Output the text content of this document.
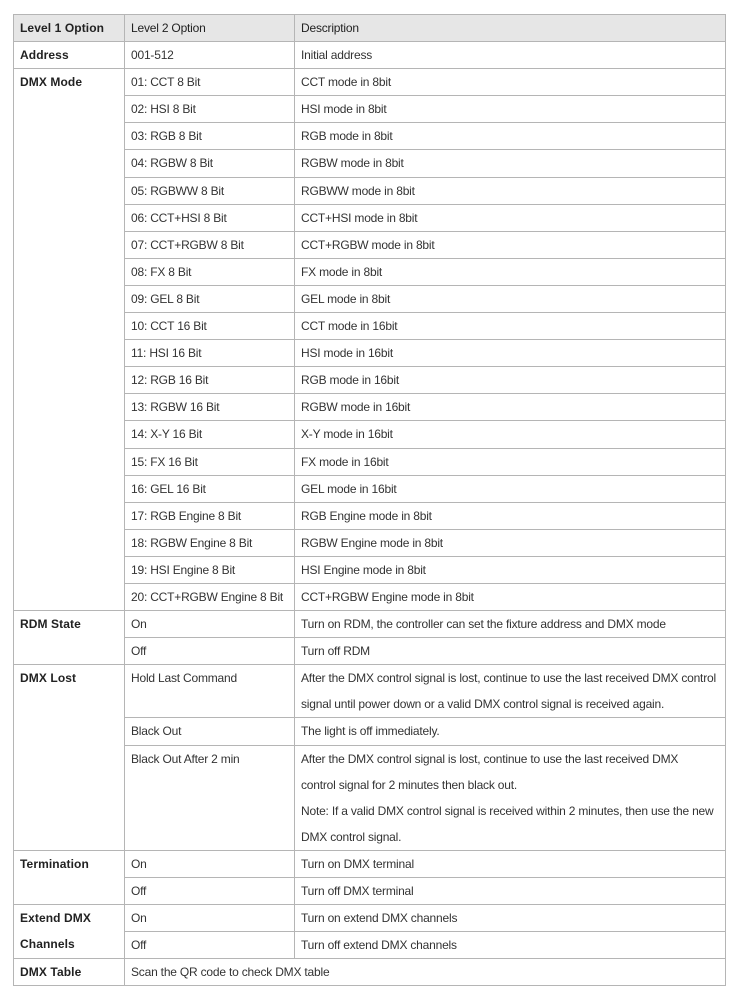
Level 1 Option	Level 2 Option	Description
Address	001-512	Initial address
DMX Mode	01: CCT 8 Bit	CCT mode in 8bit
	02: HSI 8 Bit	HSI mode in 8bit
	03: RGB 8 Bit	RGB mode in 8bit
	04: RGBW 8 Bit	RGBW mode in 8bit
	05: RGBWW 8 Bit	RGBWW mode in 8bit
	06: CCT+HSI 8 Bit	CCT+HSI mode in 8bit
	07: CCT+RGBW 8 Bit	CCT+RGBW mode in 8bit
	08: FX 8 Bit	FX mode in 8bit
	09: GEL 8 Bit	GEL mode in 8bit
	10: CCT 16 Bit	CCT mode in 16bit
	11: HSI 16 Bit	HSI mode in 16bit
	12: RGB 16 Bit	RGB mode in 16bit
	13: RGBW 16 Bit	RGBW mode in 16bit
	14: X-Y 16 Bit	X-Y mode in 16bit
	15: FX 16 Bit	FX mode in 16bit
	16: GEL 16 Bit	GEL mode in 16bit
	17: RGB Engine 8 Bit	RGB Engine mode in 8bit
	18: RGBW Engine 8 Bit	RGBW Engine mode in 8bit
	19: HSI Engine 8 Bit	HSI Engine mode in 8bit
	20: CCT+RGBW Engine 8 Bit	CCT+RGBW Engine mode in 8bit
RDM State	On	Turn on RDM, the controller can set the fixture address and DMX mode
	Off	Turn off RDM
DMX Lost	Hold Last Command	After the DMX control signal is lost, continue to use the last received DMX control
signal until power down or a valid DMX control signal is received again.

	Black Out	The light is off immediately.

	Black Out After 2 min	After the DMX control signal is lost, continue to use the last received DMX
control signal for 2 minutes then black out.
Note: If a valid DMX control signal is received within 2 minutes, then use the new
DMX control signal.

Termination	On	Turn on DMX terminal
	Off	Turn off DMX terminal

Extend DMX
Channels	On	Turn on extend DMX channels
	Off	Turn off extend DMX channels
DMX Table	Scan the QR code to check DMX table	
